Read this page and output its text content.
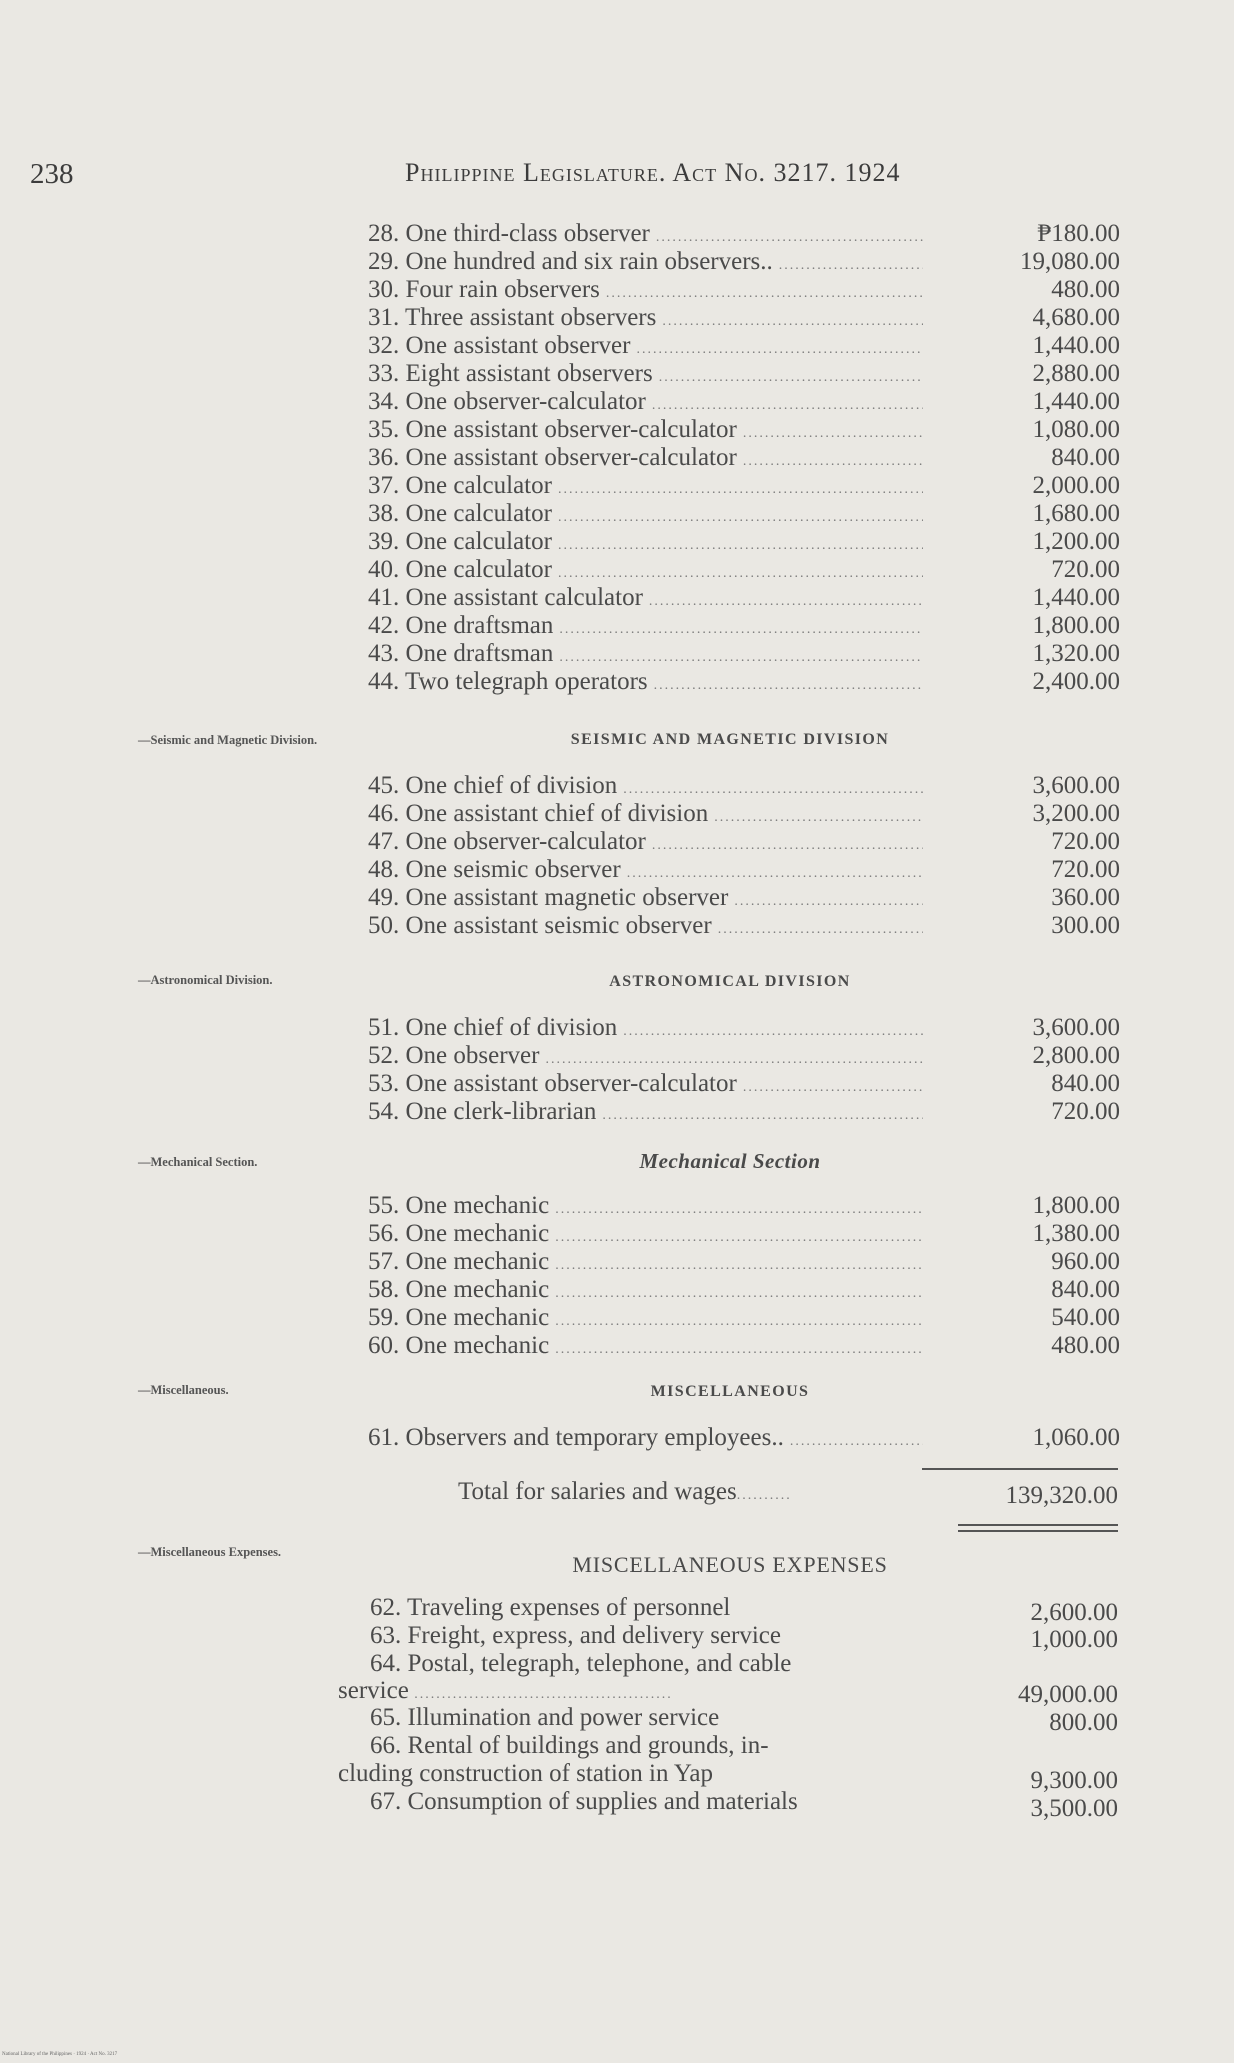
238	Philippine Legislature. Act No. 3217. 1924
28. One third-class observer .....	₱180.00
29. One hundred and six rain observers.. .....	19,080.00
30. Four rain observers .....	480.00
31. Three assistant observers .....	4,680.00
32. One assistant observer .....	1,440.00
33. Eight assistant observers .....	2,880.00
34. One observer-calculator .....	1,440.00
35. One assistant observer-calculator .....	1,080.00
36. One assistant observer-calculator .....	840.00
37. One calculator .....	2,000.00
38. One calculator .....	1,680.00
39. One calculator .....	1,200.00
40. One calculator .....	720.00
41. One assistant calculator .....	1,440.00
42. One draftsman .....	1,800.00
43. One draftsman .....	1,320.00
44. Two telegraph operators .....	2,400.00
—Seismic and Magnetic Division.	SEISMIC AND MAGNETIC DIVISION
45. One chief of division .....	3,600.00
46. One assistant chief of division .....	3,200.00
47. One observer-calculator .....	720.00
48. One seismic observer .....	720.00
49. One assistant magnetic observer .....	360.00
50. One assistant seismic observer .....	300.00
—Astronomical Division.	ASTRONOMICAL DIVISION
51. One chief of division .....	3,600.00
52. One observer .....	2,800.00
53. One assistant observer-calculator .....	840.00
54. One clerk-librarian .....	720.00
—Mechanical Section.	Mechanical Section
55. One mechanic .....	1,800.00
56. One mechanic .....	1,380.00
57. One mechanic .....	960.00
58. One mechanic .....	840.00
59. One mechanic .....	540.00
60. One mechanic .....	480.00
—Miscellaneous.	MISCELLANEOUS
61. Observers and temporary employees.. .....	1,060.00
Total for salaries and wages..........	139,320.00
—Miscellaneous Expenses.	MISCELLANEOUS EXPENSES
62. Traveling expenses of personnel	2,600.00
63. Freight, express, and delivery service	1,000.00
64. Postal, telegraph, telephone, and cable
service ...............................................	49,000.00
65. Illumination and power service	800.00
66. Rental of buildings and grounds, in-
cluding construction of station in Yap	9,300.00
67. Consumption of supplies and materials	3,500.00
National Library of the Philippines · 1924 · Act No. 3217
